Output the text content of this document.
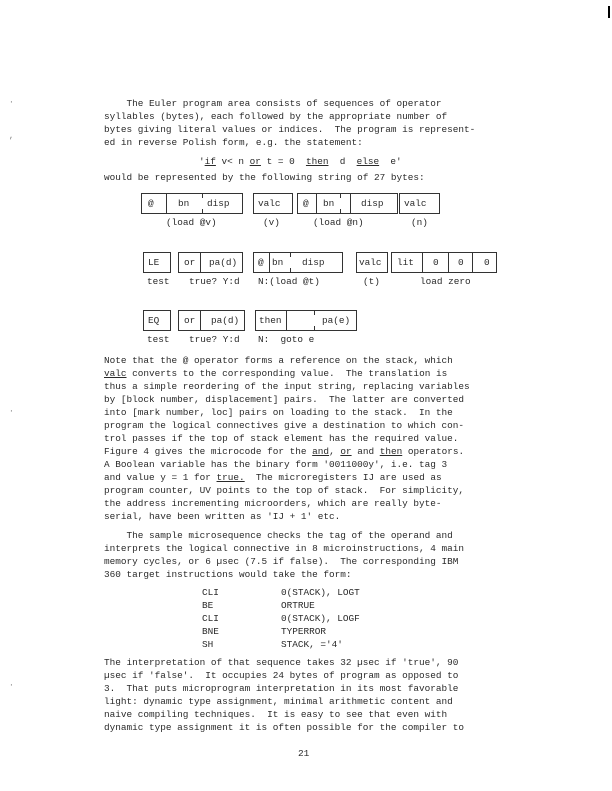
·
,
·
·
The Euler program area consists of sequences of operator
syllables (bytes), each followed by the appropriate number of
bytes giving literal values or indices.  The program is represent-
ed in reverse Polish form, e.g. the statement:
'if v< n or t = 0  then  d  else  e'
would be represented by the following string of 27 bytes:
@	bn disp	valc @ bn	disp valc
(load @v)	(v)	(load @n)	(n)
LE	or pa(d) @ bn disp	valc lit 0 0 0
test true? Y:d N:(load @t)	(t)	load zero
EQ	or pa(d) then	pa(e)
test true? Y:d N:  goto e
Note that the @ operator forms a reference on the stack, which
valc converts to the corresponding value.  The translation is
thus a simple reordering of the input string, replacing variables
by [block number, displacement] pairs.  The latter are converted
into [mark number, loc] pairs on loading to the stack.  In the
program the logical connectives give a destination to which con-
trol passes if the top of stack element has the required value.
Figure 4 gives the microcode for the and, or and then operators.
A Boolean variable has the binary form '0011000y', i.e. tag 3
and value y = 1 for true.  The microregisters IJ are used as
program counter, UV points to the top of stack.  For simplicity,
the address incrementing microorders, which are really byte-
serial, have been written as 'IJ + 1' etc.
The sample microsequence checks the tag of the operand and
interprets the logical connective in 8 microinstructions, 4 main
memory cycles, or 6 µsec (7.5 if false).  The corresponding IBM
360 target instructions would take the form:
CLI	0(STACK), LOGT
BE	ORTRUE
CLI	0(STACK), LOGF
BNE	TYPERROR
SH	STACK, ='4'
The interpretation of that sequence takes 32 µsec if 'true', 90
µsec if 'false'.  It occupies 24 bytes of program as opposed to
3.  That puts microprogram interpretation in its most favorable
light: dynamic type assignment, minimal arithmetic content and
naive compiling techniques.  It is easy to see that even with
dynamic type assignment it is often possible for the compiler to
21
